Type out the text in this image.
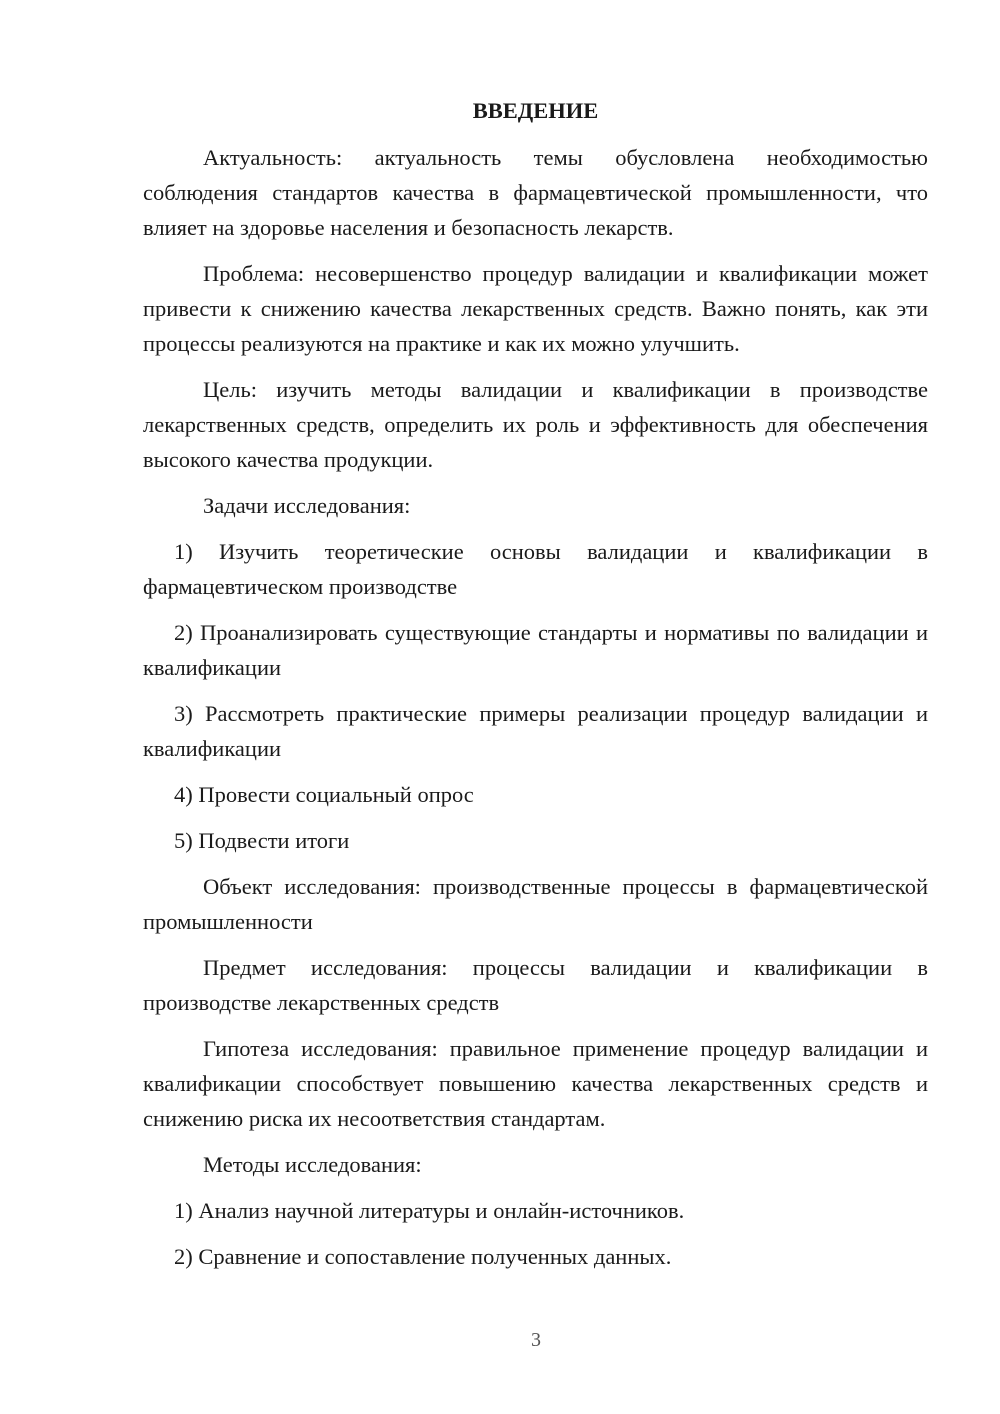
ВВЕДЕНИЕ

Актуальность: актуальность темы обусловлена необходимостью соблюдения стандартов качества в фармацевтической промышленности, что влияет на здоровье населения и безопасность лекарств.

Проблема: несовершенство процедур валидации и квалификации может привести к снижению качества лекарственных средств. Важно понять, как эти процессы реализуются на практике и как их можно улучшить.

Цель: изучить методы валидации и квалификации в производстве лекарственных средств, определить их роль и эффективность для обеспечения высокого качества продукции.

Задачи исследования:

1) Изучить теоретические основы валидации и квалификации в фармацевтическом производстве

2) Проанализировать существующие стандарты и нормативы по валидации и квалификации

3) Рассмотреть практические примеры реализации процедур валидации и квалификации

4) Провести социальный опрос

5) Подвести итоги

Объект исследования: производственные процессы в фармацевтической промышленности

Предмет исследования: процессы валидации и квалификации в производстве лекарственных средств

Гипотеза исследования: правильное применение процедур валидации и квалификации способствует повышению качества лекарственных средств и снижению риска их несоответствия стандартам.

Методы исследования:

1) Анализ научной литературы и онлайн-источников.

2) Сравнение и сопоставление полученных данных.

3
